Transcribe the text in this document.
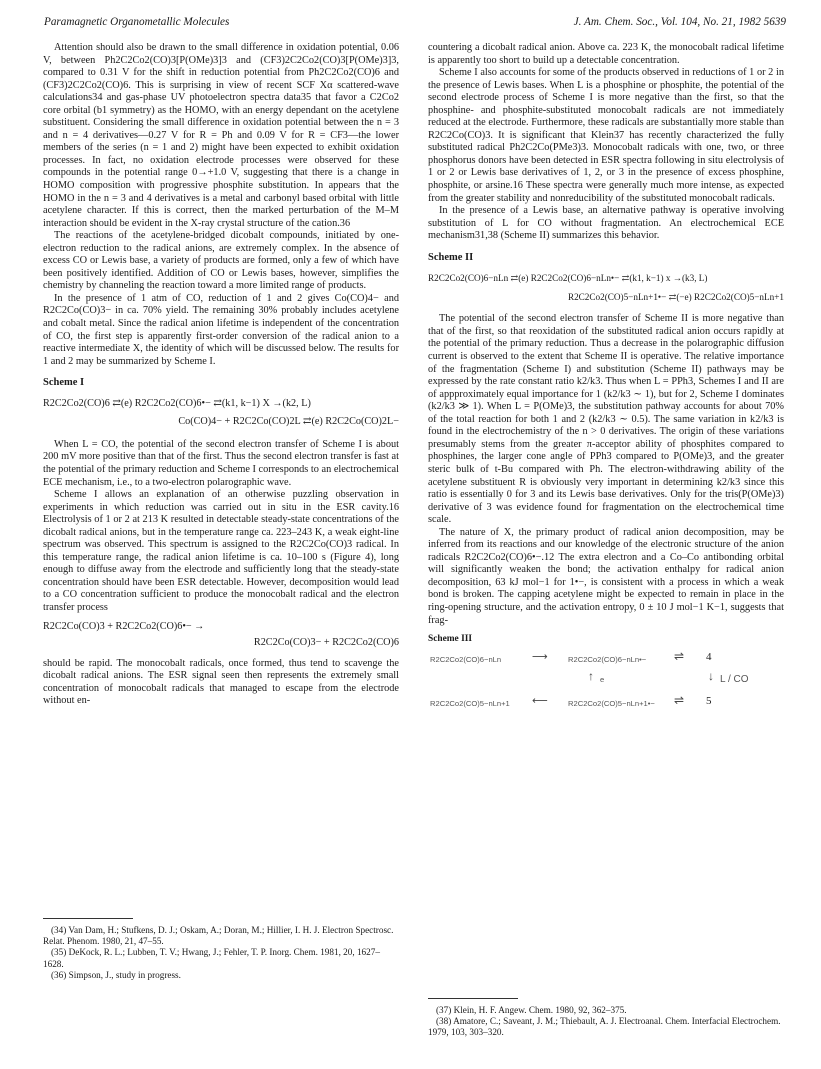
Paramagnetic Organometallic Molecules	J. Am. Chem. Soc., Vol. 104, No. 21, 1982 5639

Attention should also be drawn to the small difference in oxidation potential, 0.06 V, between Ph2C2Co2(CO)3[P(OMe)3]3 and (CF3)2C2Co2(CO)3[P(OMe)3]3, compared to 0.31 V for the shift in reduction potential from Ph2C2Co2(CO)6 and (CF3)2C2Co2(CO)6. This is surprising in view of recent SCF Xα scattered-wave calculations34 and gas-phase UV photoelectron spectra data35 that favor a C2Co2 core orbital (b1 symmetry) as the HOMO, with an energy dependant on the acetylene substituent. Considering the small difference in oxidation potential between the n = 3 and n = 4 derivatives—0.27 V for R = Ph and 0.09 V for R = CF3—the lower members of the series (n = 1 and 2) might have been expected to exhibit oxidation processes. In fact, no oxidation electrode processes were observed for these compounds in the potential range 0→+1.0 V, suggesting that there is a change in HOMO composition with progressive phosphite substitution. In appears that the HOMO in the n = 3 and 4 derivatives is a metal and carbonyl based orbital with little acetylene character. If this is correct, then the marked perturbation of the M–M interaction should be evident in the X-ray crystal structure of the cation.36

The reactions of the acetylene-bridged dicobalt compounds, initiated by one-electron reduction to the radical anions, are extremely complex. In the absence of excess CO or Lewis base, a variety of products are formed, only a few of which have been positively identified. Addition of CO or Lewis bases, however, simplifies the chemistry by channeling the reaction toward a more limited range of products.

In the presence of 1 atm of CO, reduction of 1 and 2 gives Co(CO)4− and R2C2Co(CO)3− in ca. 70% yield. The remaining 30% probably includes acetylene and cobalt metal. Since the radical anion lifetime is independent of the concentration of CO, the first step is apparently first-order conversion of the radical anion to a reactive intermediate X, the identity of which will be discussed below. The results for 1 and 2 may be summarized by Scheme I.

Scheme I
R2C2Co2(CO)6 ⇄(e) R2C2Co2(CO)6•− ⇄(k1, k−1) X →(k2, L)
Co(CO)4− + R2C2Co(CO)2L ⇄(e) R2C2Co(CO)2L−

When L = CO, the potential of the second electron transfer of Scheme I is about 200 mV more positive than that of the first. Thus the second electron transfer is fast at the potential of the primary reduction and Scheme I corresponds to an electrochemical ECE mechanism, i.e., to a two-electron polarographic wave.

Scheme I allows an explanation of an otherwise puzzling observation in experiments in which reduction was carried out in situ in the ESR cavity.16 Electrolysis of 1 or 2 at 213 K resulted in detectable steady-state concentrations of the dicobalt radical anions, but in the temperature range ca. 223–243 K, a weak eight-line spectrum was observed. This spectrum is assigned to the R2C2Co(CO)3 radical. In this temperature range, the radical anion lifetime is ca. 10–100 s (Figure 4), long enough to diffuse away from the electrode and sufficiently long that the steady-state concentration should have been ESR detectable. However, decomposition would lead to a CO concentration sufficient to produce the monocobalt radical and the electron transfer process

R2C2Co(CO)3 + R2C2Co2(CO)6•− →
R2C2Co(CO)3− + R2C2Co2(CO)6

should be rapid. The monocobalt radicals, once formed, thus tend to scavenge the dicobalt radical anions. The ESR signal seen then represents the extremely small concentration of monocobalt radicals that managed to escape from the electrode without en-

countering a dicobalt radical anion. Above ca. 223 K, the monocobalt radical lifetime is apparently too short to build up a detectable concentration.

Scheme I also accounts for some of the products observed in reductions of 1 or 2 in the presence of Lewis bases. When L is a phosphine or phosphite, the potential of the second electrode process of Scheme I is more negative than the first, so that the phosphine- and phosphite-substituted monocobalt radicals are not immediately reduced at the electrode. Furthermore, these radicals are substantially more stable than R2C2Co(CO)3. It is significant that Klein37 has recently characterized the fully substituted radical Ph2C2Co(PMe3)3. Monocobalt radicals with one, two, or three phosphorus donors have been detected in ESR spectra following in situ electrolysis of 1 or 2 or Lewis base derivatives of 1, 2, or 3 in the presence of excess phosphine, phosphite, or arsine.16 These spectra were generally much more intense, as expected from the greater stability and nonreducibility of the substituted monocobalt radicals.

In the presence of a Lewis base, an alternative pathway is operative involving substitution of L for CO without fragmentation. An electrochemical ECE mechanism31,38 (Scheme II) summarizes this behavior.

Scheme II
R2C2Co2(CO)6−nLn ⇄(e) R2C2Co2(CO)6−nLn•− ⇄(k1, k−1) x →(k3, L)
R2C2Co2(CO)5−nLn+1•− ⇄(−e) R2C2Co2(CO)5−nLn+1

The potential of the second electron transfer of Scheme II is more negative than that of the first, so that reoxidation of the substituted radical anion occurs rapidly at the potential of the primary reduction. Thus a decrease in the polarographic diffusion current is observed to the extent that Scheme II is operative. The relative importance of the fragmentation (Scheme I) and substitution (Scheme II) pathways may be expressed by the rate constant ratio k2/k3. Thus when L = PPh3, Schemes I and II are of appproximately equal importance for 1 (k2/k3 ∼ 1), but for 2, Scheme I dominates (k2/k3 ≫ 1). When L = P(OMe)3, the substitution pathway accounts for about 70% of the total reaction for both 1 and 2 (k2/k3 ∼ 0.5). The same variation in k2/k3 is found in the electrochemistry of the n > 0 derivatives. The origin of these variations presumably stems from the greater π-acceptor ability of phosphites compared to phosphines, the larger cone angle of PPh3 compared to P(OMe)3, and the greater steric bulk of t-Bu compared with Ph. The electron-withdrawing ability of the acetylene substituent R is obviously very important in determining k2/k3 since this ratio is essentially 0 for 3 and its Lewis base derivatives. Only for the tris(P(OMe)3) derivative of 3 was evidence found for fragmentation on the electrochemical time scale.

The nature of X, the primary product of radical anion decomposition, may be inferred from its reactions and our knowledge of the electronic structure of the anion radicals R2C2Co2(CO)6•−.12 The extra electron and a Co–Co antibonding orbital will significantly weaken the bond; the activation enthalpy for radical anion decomposition, 63 kJ mol−1 for 1•−, is consistent with a process in which a weak bond is broken. The capping acetylene might be expected to remain in place in the ring-opening structure, and the activation entropy, 0 ± 10 J mol−1 K−1, suggests that frag-

Scheme III
R2C2Co2(CO)6−nLn	⟶	R2C2Co2(CO)6−nLn•− ⇌ 4
↑ e	↓ L / CO
R2C2Co2(CO)5−nLn+1 ⟵	R2C2Co2(CO)5−nLn+1•− ⇌ 5
(34) Van Dam, H.; Stufkens, D. J.; Oskam, A.; Doran, M.; Hillier, I. H. J. Electron Spectrosc. Relat. Phenom. 1980, 21, 47–55.
(35) DeKock, R. L.; Lubben, T. V.; Hwang, J.; Fehler, T. P. Inorg. Chem. 1981, 20, 1627–1628.
(36) Simpson, J., study in progress.
(37) Klein, H. F. Angew. Chem. 1980, 92, 362–375.
(38) Amatore, C.; Saveant, J. M.; Thiebault, A. J. Electroanal. Chem. Interfacial Electrochem. 1979, 103, 303–320.
